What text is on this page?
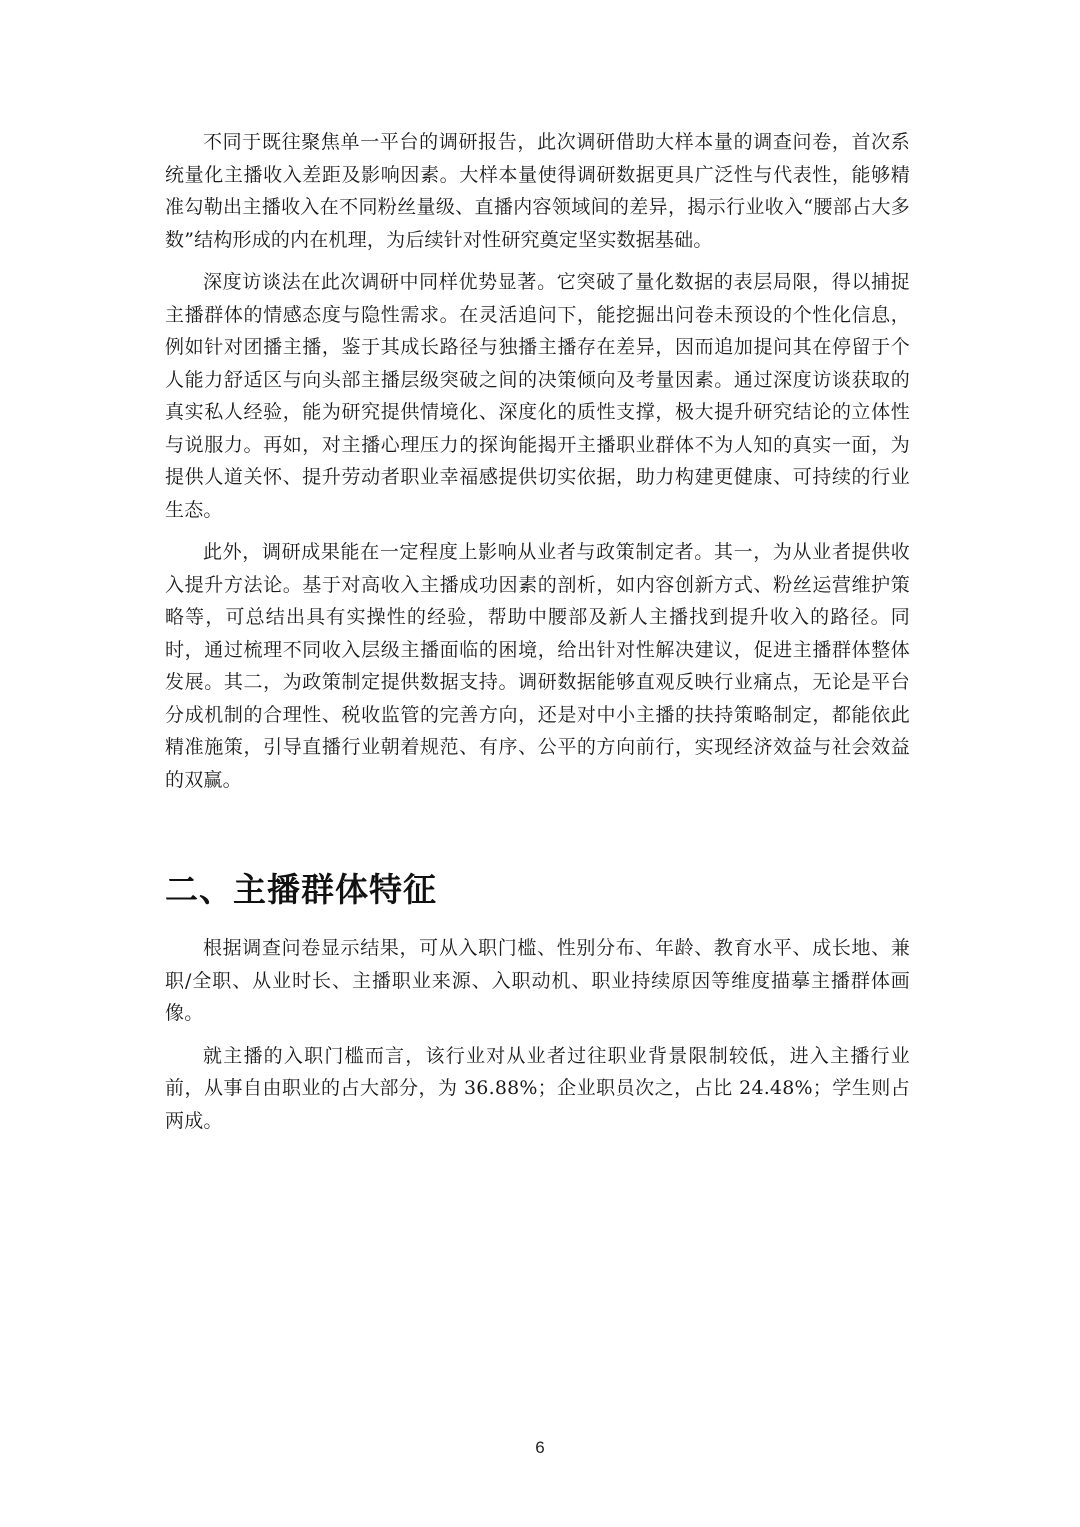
不同于既往聚焦单一平台的调研报告，此次调研借助大样本量的调查问卷，首次系统量化主播收入差距及影响因素。大样本量使得调研数据更具广泛性与代表性，能够精准勾勒出主播收入在不同粉丝量级、直播内容领域间的差异，揭示行业收入“腰部占大多数”结构形成的内在机理，为后续针对性研究奠定坚实数据基础。

深度访谈法在此次调研中同样优势显著。它突破了量化数据的表层局限，得以捕捉主播群体的情感态度与隐性需求。在灵活追问下，能挖掘出问卷未预设的个性化信息，例如针对团播主播，鉴于其成长路径与独播主播存在差异，因而追加提问其在停留于个人能力舒适区与向头部主播层级突破之间的决策倾向及考量因素。通过深度访谈获取的真实私人经验，能为研究提供情境化、深度化的质性支撑，极大提升研究结论的立体性与说服力。再如，对主播心理压力的探询能揭开主播职业群体不为人知的真实一面，为提供人道关怀、提升劳动者职业幸福感提供切实依据，助力构建更健康、可持续的行业生态。

此外，调研成果能在一定程度上影响从业者与政策制定者。其一，为从业者提供收入提升方法论。基于对高收入主播成功因素的剖析，如内容创新方式、粉丝运营维护策略等，可总结出具有实操性的经验，帮助中腰部及新人主播找到提升收入的路径。同时，通过梳理不同收入层级主播面临的困境，给出针对性解决建议，促进主播群体整体发展。其二，为政策制定提供数据支持。调研数据能够直观反映行业痛点，无论是平台分成机制的合理性、税收监管的完善方向，还是对中小主播的扶持策略制定，都能依此精准施策，引导直播行业朝着规范、有序、公平的方向前行，实现经济效益与社会效益的双赢。

二、主播群体特征

根据调查问卷显示结果，可从入职门槛、性别分布、年龄、教育水平、成长地、兼职/全职、从业时长、主播职业来源、入职动机、职业持续原因等维度描摹主播群体画像。

就主播的入职门槛而言，该行业对从业者过往职业背景限制较低，进入主播行业前，从事自由职业的占大部分，为 36.88%；企业职员次之，占比 24.48%；学生则占两成。

6
